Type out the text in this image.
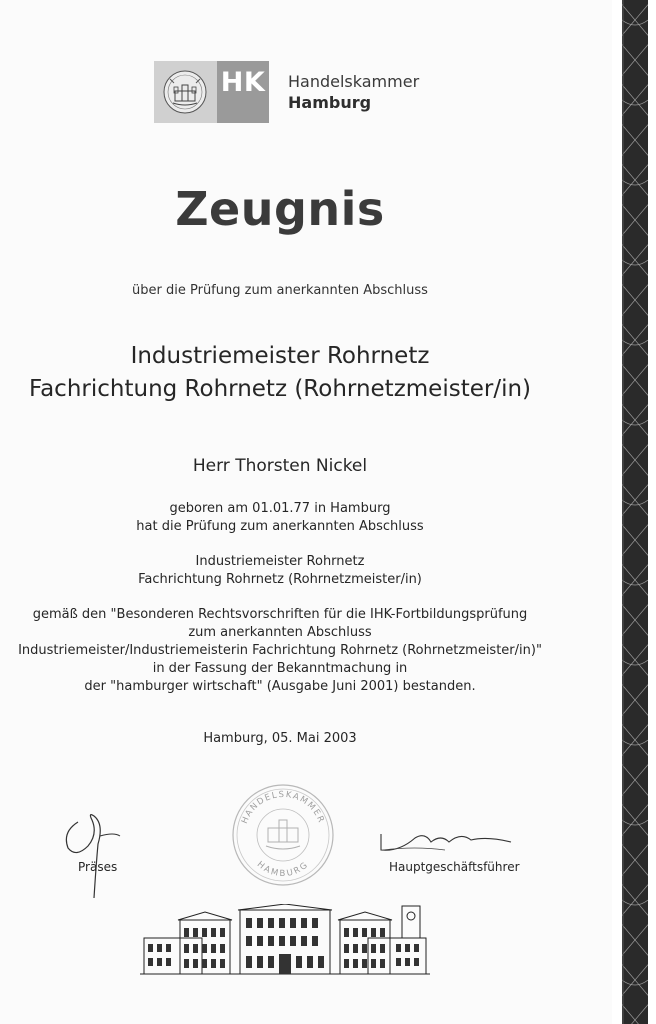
HK Handelskammer
Hamburg
Zeugnis
über die Prüfung zum anerkannten Abschluss
Industriemeister Rohrnetz
Fachrichtung Rohrnetz (Rohrnetzmeister/in)
Herr Thorsten Nickel
geboren am 01.01.77 in Hamburg
hat die Prüfung zum anerkannten Abschluss
Industriemeister Rohrnetz
Fachrichtung Rohrnetz (Rohrnetzmeister/in)
gemäß den "Besonderen Rechtsvorschriften für die IHK-Fortbildungsprüfung
zum anerkannten Abschluss
Industriemeister/Industriemeisterin Fachrichtung Rohrnetz (Rohrnetzmeister/in)"
in der Fassung der Bekanntmachung in
der "hamburger wirtschaft" (Ausgabe Juni 2001) bestanden.
Hamburg, 05. Mai 2003
Präses
HANDELSKAMMER
HAMBURG	Hauptgeschäftsführer
